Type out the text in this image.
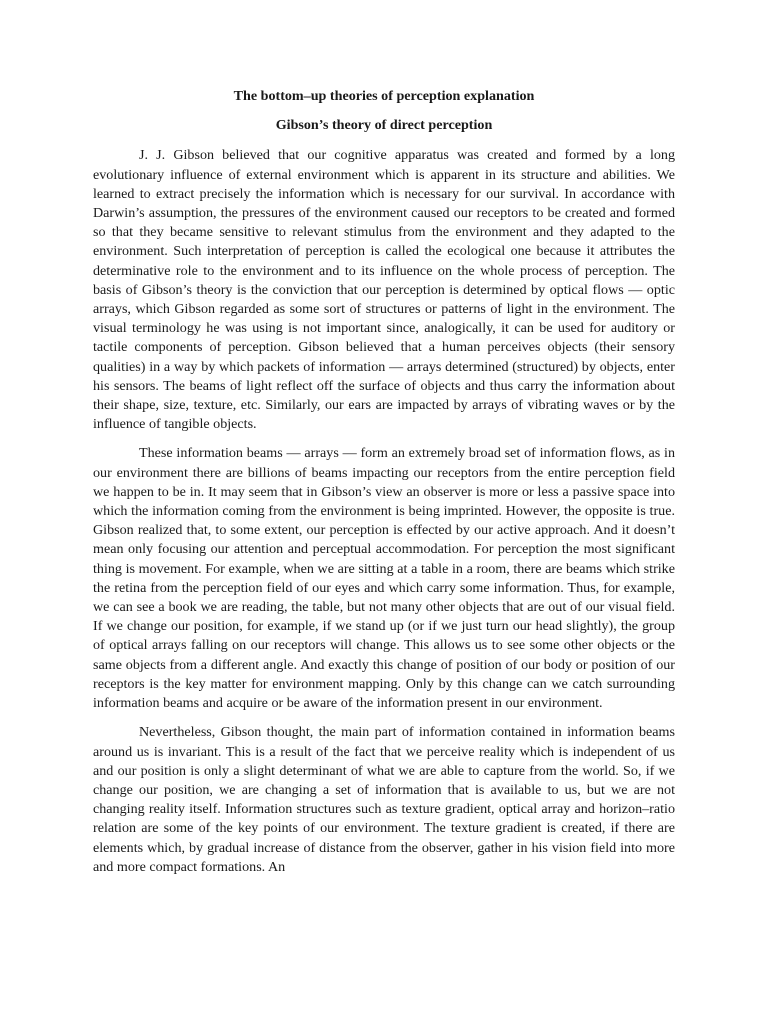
The bottom–up theories of perception explanation
Gibson’s theory of direct perception

J. J. Gibson believed that our cognitive apparatus was created and formed by a long evolutionary influence of external environment which is apparent in its structure and abilities. We learned to extract precisely the information which is necessary for our survival. In accordance with Darwin’s assumption, the pressures of the environment caused our receptors to be created and formed so that they became sensitive to relevant stimulus from the environment and they adapted to the environment. Such interpretation of perception is called the ecological one because it attributes the determinative role to the environment and to its influence on the whole process of perception. The basis of Gibson’s theory is the conviction that our perception is determined by optical flows — optic arrays, which Gibson regarded as some sort of structures or patterns of light in the environment. The visual terminology he was using is not important since, analogically, it can be used for auditory or tactile components of perception. Gibson believed that a human perceives objects (their sensory qualities) in a way by which packets of information — arrays determined (structured) by objects, enter his sensors. The beams of light reflect off the surface of objects and thus carry the information about their shape, size, texture, etc. Similarly, our ears are impacted by arrays of vibrating waves or by the influence of tangible objects.

These information beams — arrays — form an extremely broad set of information flows, as in our environment there are billions of beams impacting our receptors from the entire perception field we happen to be in. It may seem that in Gibson’s view an observer is more or less a passive space into which the information coming from the environment is being imprinted. However, the opposite is true. Gibson realized that, to some extent, our perception is effected by our active approach. And it doesn’t mean only focusing our attention and perceptual accommodation. For perception the most significant thing is movement. For example, when we are sitting at a table in a room, there are beams which strike the retina from the perception field of our eyes and which carry some information. Thus, for example, we can see a book we are reading, the table, but not many other objects that are out of our visual field. If we change our position, for example, if we stand up (or if we just turn our head slightly), the group of optical arrays falling on our receptors will change. This allows us to see some other objects or the same objects from a different angle. And exactly this change of position of our body or position of our receptors is the key matter for environment mapping. Only by this change can we catch surrounding information beams and acquire or be aware of the information present in our environment.

Nevertheless, Gibson thought, the main part of information contained in information beams around us is invariant. This is a result of the fact that we perceive reality which is independent of us and our position is only a slight determinant of what we are able to capture from the world. So, if we change our position, we are changing a set of information that is available to us, but we are not changing reality itself. Information structures such as texture gradient, optical array and horizon–ratio relation are some of the key points of our environment. The texture gradient is created, if there are elements which, by gradual increase of distance from the observer, gather in his vision field into more and more compact formations. An
